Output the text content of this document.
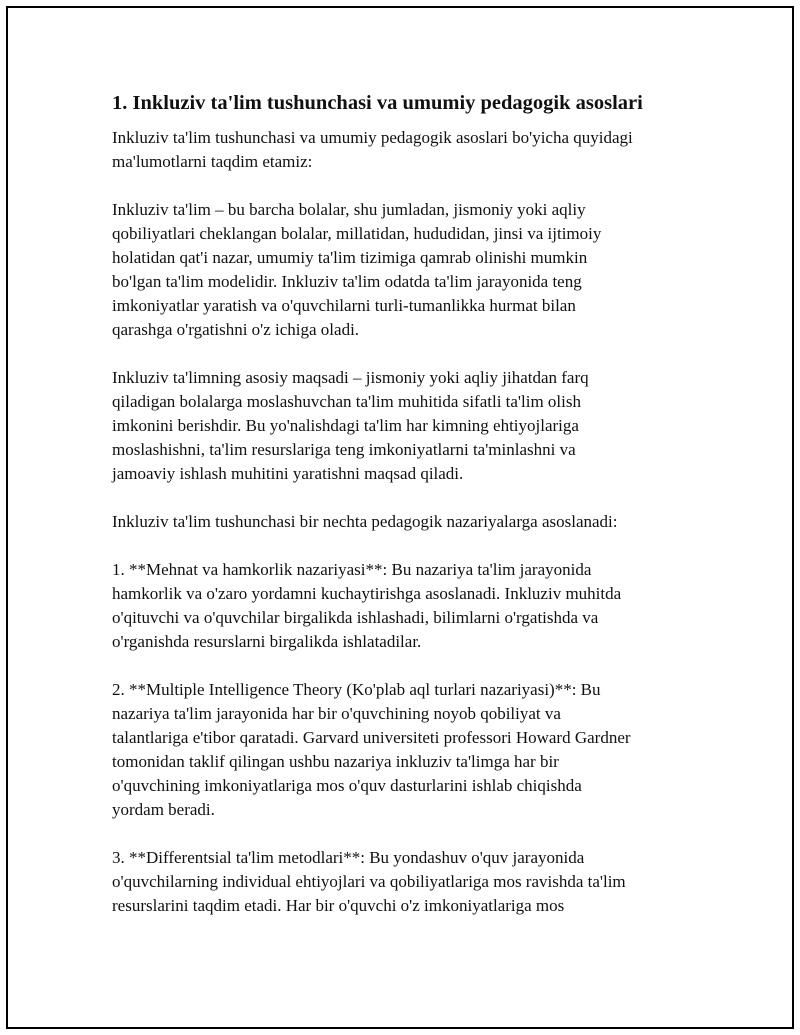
1. Inkluziv ta'lim tushunchasi va umumiy pedagogik asoslari

Inkluziv ta'lim tushunchasi va umumiy pedagogik asoslari bo'yicha quyidagi
ma'lumotlarni taqdim etamiz:

Inkluziv ta'lim – bu barcha bolalar, shu jumladan, jismoniy yoki aqliy
qobiliyatlari cheklangan bolalar, millatidan, hududidan, jinsi va ijtimoiy
holatidan qat'i nazar, umumiy ta'lim tizimiga qamrab olinishi mumkin
bo'lgan ta'lim modelidir. Inkluziv ta'lim odatda ta'lim jarayonida teng
imkoniyatlar yaratish va o'quvchilarni turli-tumanlikka hurmat bilan
qarashga o'rgatishni o'z ichiga oladi.

Inkluziv ta'limning asosiy maqsadi – jismoniy yoki aqliy jihatdan farq
qiladigan bolalarga moslashuvchan ta'lim muhitida sifatli ta'lim olish
imkonini berishdir. Bu yo'nalishdagi ta'lim har kimning ehtiyojlariga
moslashishni, ta'lim resurslariga teng imkoniyatlarni ta'minlashni va
jamoaviy ishlash muhitini yaratishni maqsad qiladi.

Inkluziv ta'lim tushunchasi bir nechta pedagogik nazariyalarga asoslanadi:

1. **Mehnat va hamkorlik nazariyasi**: Bu nazariya ta'lim jarayonida
hamkorlik va o'zaro yordamni kuchaytirishga asoslanadi. Inkluziv muhitda
o'qituvchi va o'quvchilar birgalikda ishlashadi, bilimlarni o'rgatishda va
o'rganishda resurslarni birgalikda ishlatadilar.

2. **Multiple Intelligence Theory (Ko'plab aql turlari nazariyasi)**: Bu
nazariya ta'lim jarayonida har bir o'quvchining noyob qobiliyat va
talantlariga e'tibor qaratadi. Garvard universiteti professori Howard Gardner
tomonidan taklif qilingan ushbu nazariya inkluziv ta'limga har bir
o'quvchining imkoniyatlariga mos o'quv dasturlarini ishlab chiqishda
yordam beradi.

3. **Differentsial ta'lim metodlari**: Bu yondashuv o'quv jarayonida
o'quvchilarning individual ehtiyojlari va qobiliyatlariga mos ravishda ta'lim
resurslarini taqdim etadi. Har bir o'quvchi o'z imkoniyatlariga mos
